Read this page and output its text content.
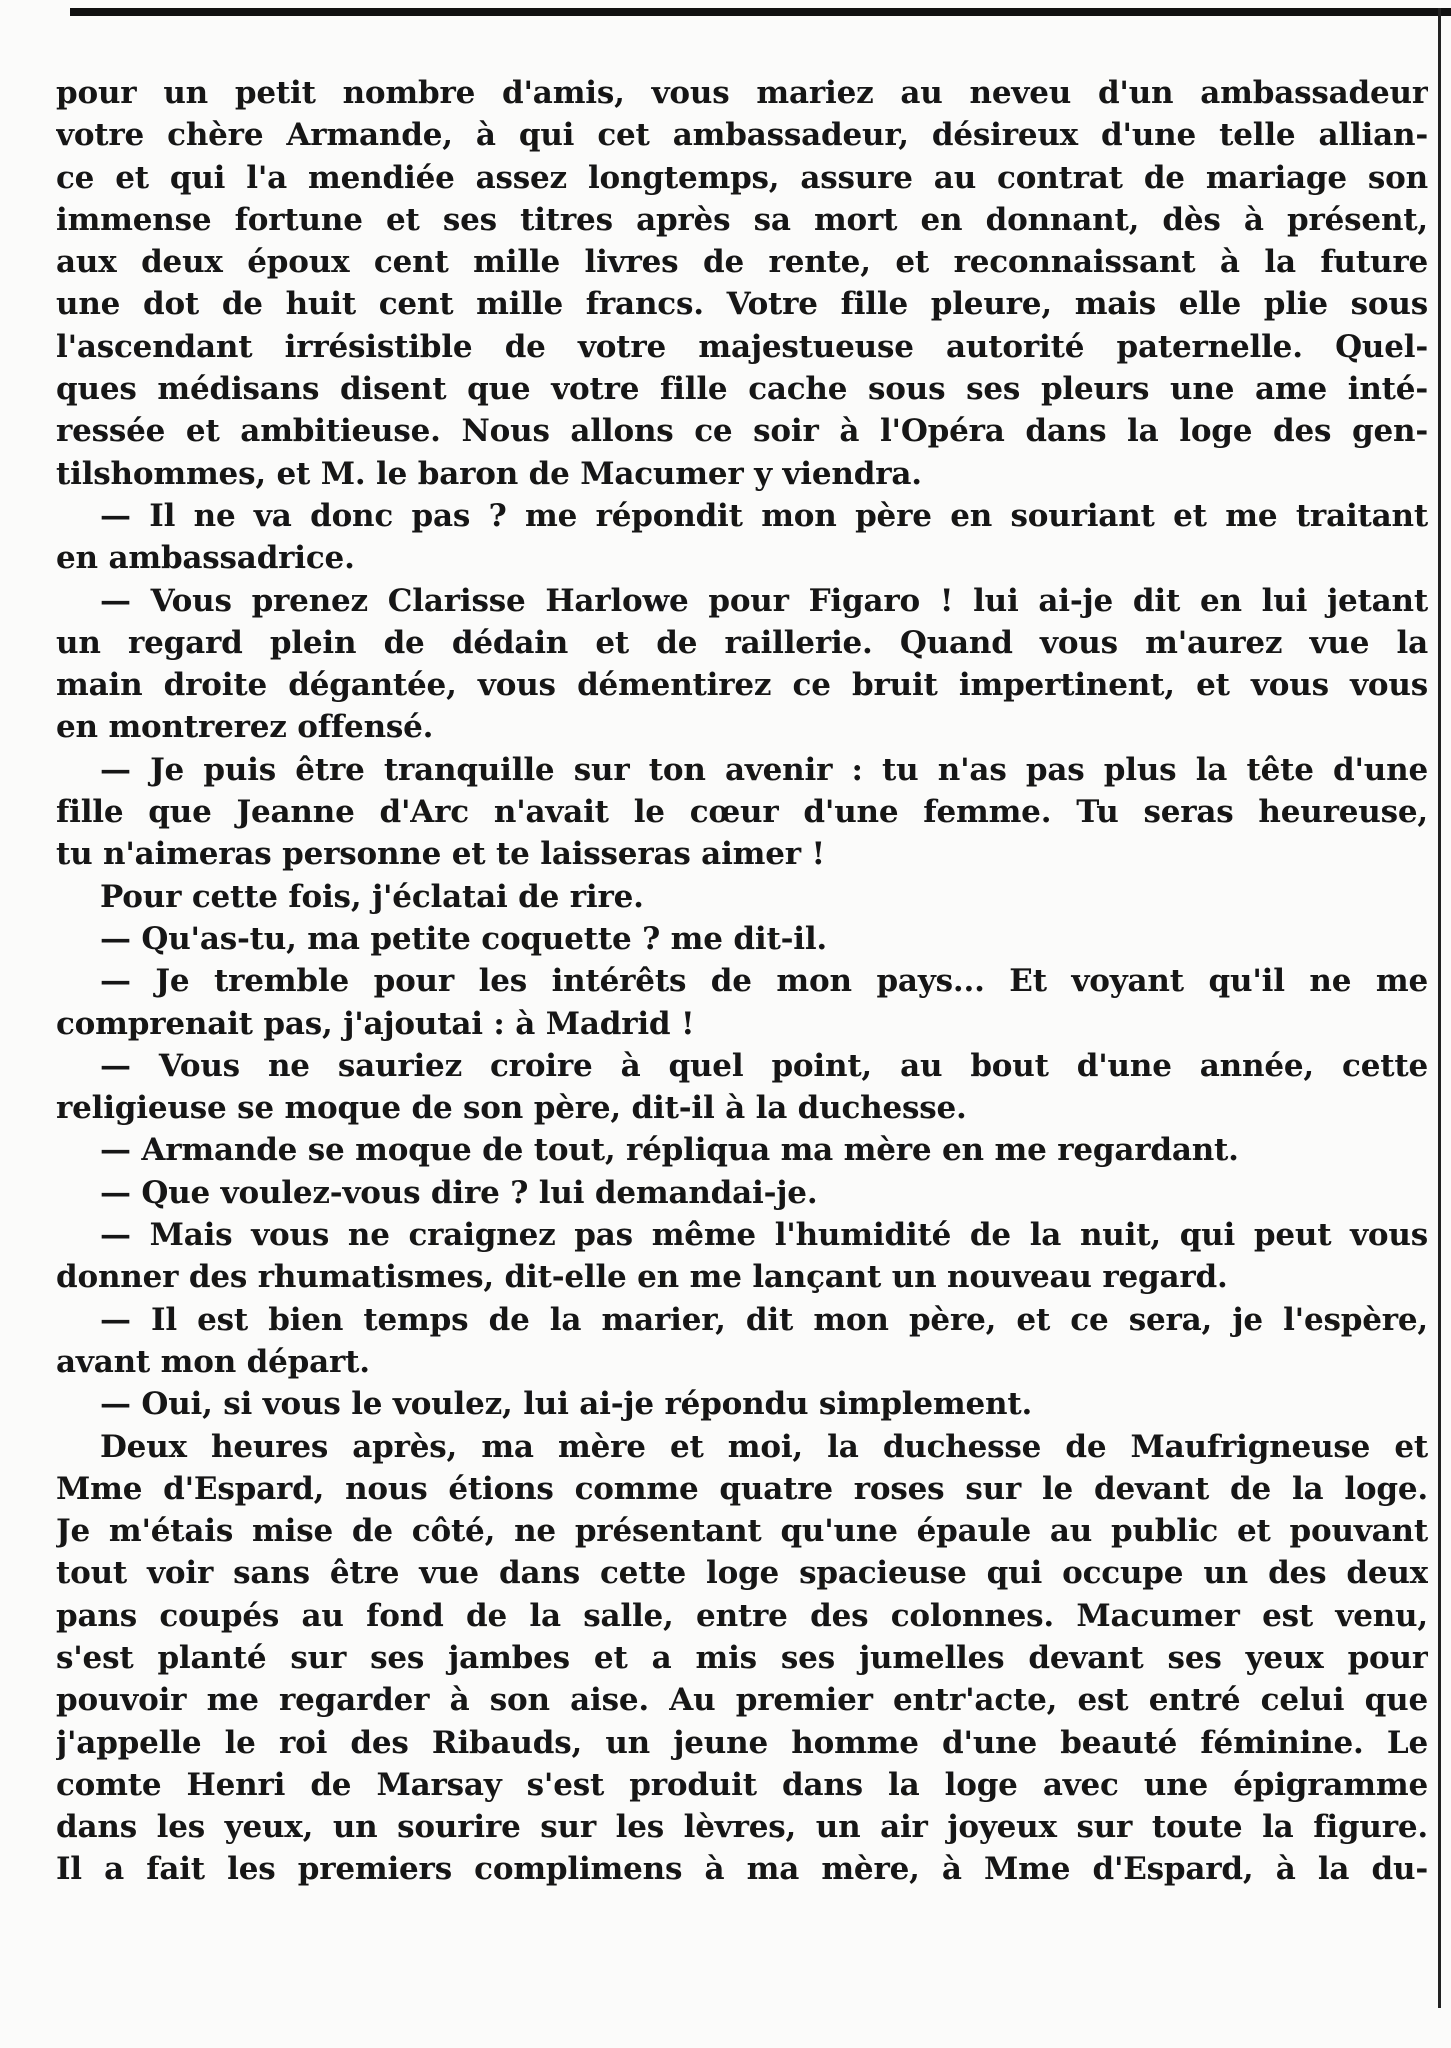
pour un petit nombre d'amis, vous mariez au neveu d'un ambassadeur
votre chère Armande, à qui cet ambassadeur, désireux d'une telle allian-
ce et qui l'a mendiée assez longtemps, assure au contrat de mariage son
immense fortune et ses titres après sa mort en donnant, dès à présent,
aux deux époux cent mille livres de rente, et reconnaissant à la future
une dot de huit cent mille francs. Votre fille pleure, mais elle plie sous
l'ascendant irrésistible de votre majestueuse autorité paternelle. Quel-
ques médisans disent que votre fille cache sous ses pleurs une ame inté-
ressée et ambitieuse. Nous allons ce soir à l'Opéra dans la loge des gen-
tilshommes, et M. le baron de Macumer y viendra.
— Il ne va donc pas ? me répondit mon père en souriant et me traitant
en ambassadrice.
— Vous prenez Clarisse Harlowe pour Figaro ! lui ai-je dit en lui jetant
un regard plein de dédain et de raillerie. Quand vous m'aurez vue la
main droite dégantée, vous démentirez ce bruit impertinent, et vous vous
en montrerez offensé.
— Je puis être tranquille sur ton avenir : tu n'as pas plus la tête d'une
fille que Jeanne d'Arc n'avait le cœur d'une femme. Tu seras heureuse,
tu n'aimeras personne et te laisseras aimer !
Pour cette fois, j'éclatai de rire.
— Qu'as-tu, ma petite coquette ? me dit-il.
— Je tremble pour les intérêts de mon pays... Et voyant qu'il ne me
comprenait pas, j'ajoutai : à Madrid !
— Vous ne sauriez croire à quel point, au bout d'une année, cette
religieuse se moque de son père, dit-il à la duchesse.
— Armande se moque de tout, répliqua ma mère en me regardant.
— Que voulez-vous dire ? lui demandai-je.
— Mais vous ne craignez pas même l'humidité de la nuit, qui peut vous
donner des rhumatismes, dit-elle en me lançant un nouveau regard.
— Il est bien temps de la marier, dit mon père, et ce sera, je l'espère,
avant mon départ.
— Oui, si vous le voulez, lui ai-je répondu simplement.
Deux heures après, ma mère et moi, la duchesse de Maufrigneuse et
Mme d'Espard, nous étions comme quatre roses sur le devant de la loge.
Je m'étais mise de côté, ne présentant qu'une épaule au public et pouvant
tout voir sans être vue dans cette loge spacieuse qui occupe un des deux
pans coupés au fond de la salle, entre des colonnes. Macumer est venu,
s'est planté sur ses jambes et a mis ses jumelles devant ses yeux pour
pouvoir me regarder à son aise. Au premier entr'acte, est entré celui que
j'appelle le roi des Ribauds, un jeune homme d'une beauté féminine. Le
comte Henri de Marsay s'est produit dans la loge avec une épigramme
dans les yeux, un sourire sur les lèvres, un air joyeux sur toute la figure.
Il a fait les premiers complimens à ma mère, à Mme d'Espard, à la du-
